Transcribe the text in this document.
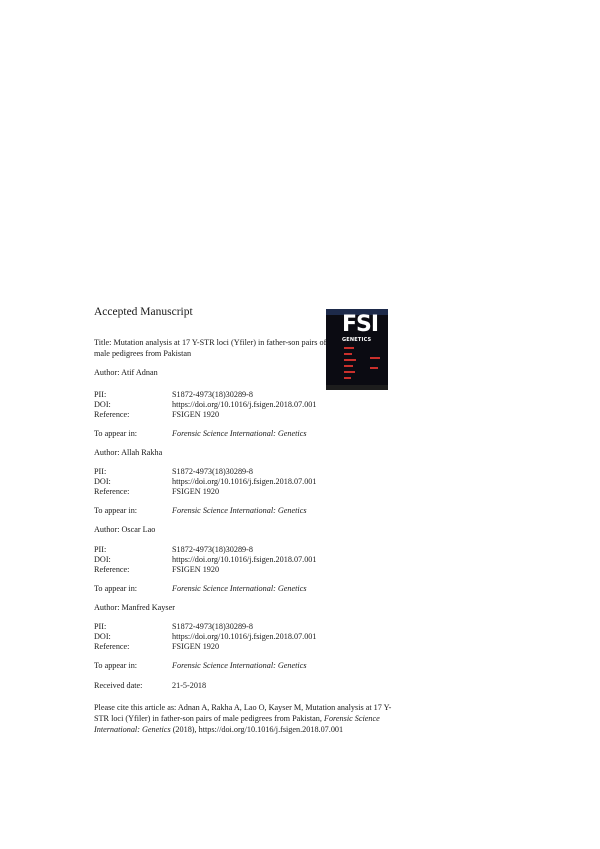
Accepted Manuscript
Title: Mutation analysis at 17 Y-STR loci (Yfiler) in father-son pairs of male pedigrees from Pakistan
FSI
GENETICS
Author: Atif Adnan
PII:	S1872-4973(18)30289-8
DOI:	https://doi.org/10.1016/j.fsigen.2018.07.001
Reference:	FSIGEN 1920
To appear in:	Forensic Science International: Genetics
Author: Allah Rakha
PII:	S1872-4973(18)30289-8
DOI:	https://doi.org/10.1016/j.fsigen.2018.07.001
Reference:	FSIGEN 1920
To appear in:	Forensic Science International: Genetics
Author: Oscar Lao
PII:	S1872-4973(18)30289-8
DOI:	https://doi.org/10.1016/j.fsigen.2018.07.001
Reference:	FSIGEN 1920
To appear in:	Forensic Science International: Genetics
Author: Manfred Kayser
PII:	S1872-4973(18)30289-8
DOI:	https://doi.org/10.1016/j.fsigen.2018.07.001
Reference:	FSIGEN 1920
To appear in:	Forensic Science International: Genetics
Received date:	21-5-2018
Please cite this article as: Adnan A, Rakha A, Lao O, Kayser M, Mutation analysis at 17 Y-STR loci (Yfiler) in father-son pairs of male pedigrees from Pakistan, Forensic Science International: Genetics (2018), https://doi.org/10.1016/j.fsigen.2018.07.001
